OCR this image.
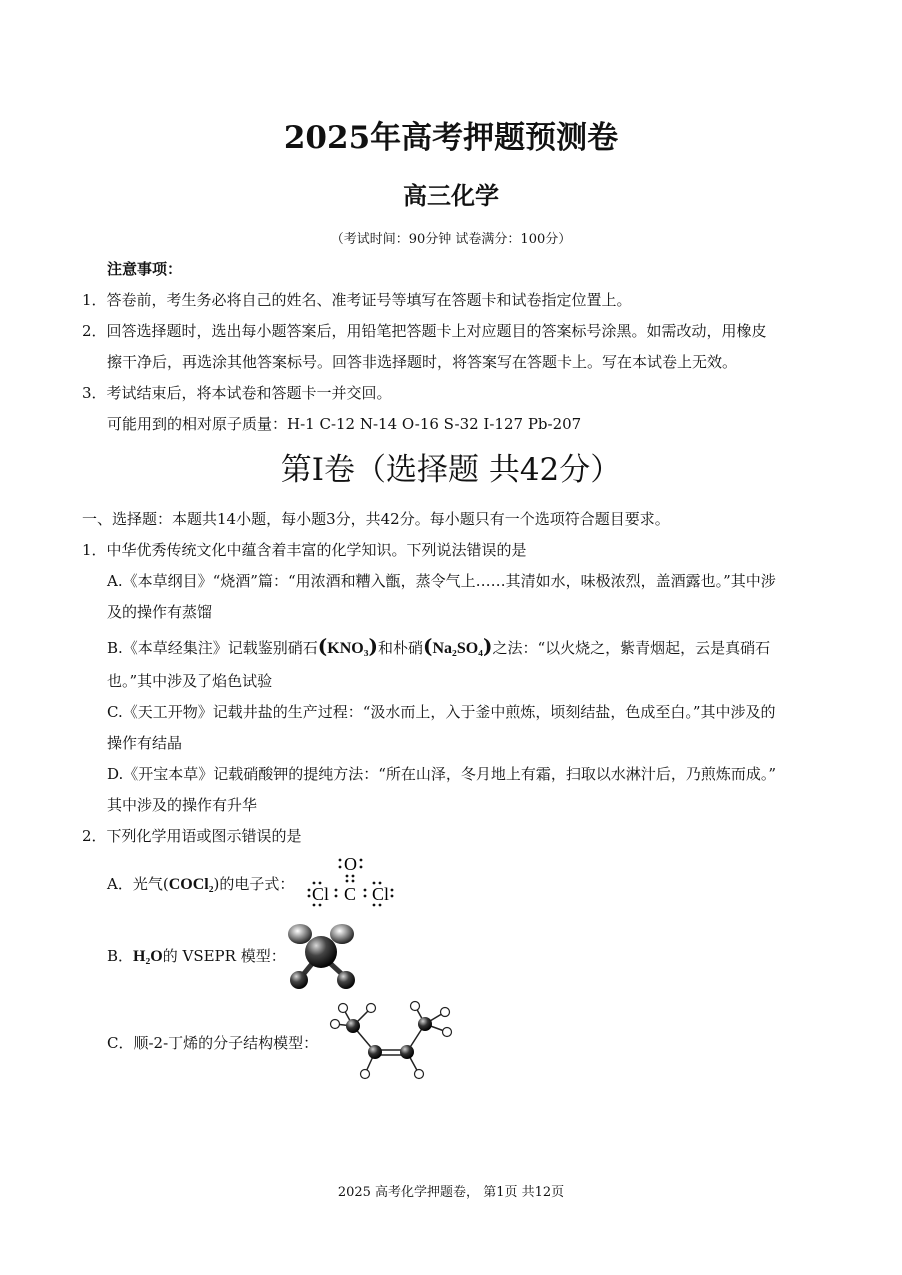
2025年高考押题预测卷
高三化学
（考试时间：90分钟 试卷满分：100分）
注意事项：
1．答卷前，考生务必将自己的姓名、准考证号等填写在答题卡和试卷指定位置上。
2．回答选择题时，选出每小题答案后，用铅笔把答题卡上对应题目的答案标号涂黑。如需改动，用橡皮
擦干净后，再选涂其他答案标号。回答非选择题时，将答案写在答题卡上。写在本试卷上无效。
3．考试结束后，将本试卷和答题卡一并交回。
可能用到的相对原子质量：H-1 C-12 N-14 O-16 S-32 I-127 Pb-207
第I卷（选择题 共42分）
一、选择题：本题共14小题，每小题3分，共42分。每小题只有一个选项符合题目要求。
1．中华优秀传统文化中蕴含着丰富的化学知识。下列说法错误的是
A.《本草纲目》“烧酒”篇：“用浓酒和糟入甑，蒸令气上……其清如水，味极浓烈，盖酒露也。”其中涉
及的操作有蒸馏
B.《本草经集注》记载鉴别硝石(KNO₃)和朴硝(Na₂SO₄)之法：“以火烧之，紫青烟起，云是真硝石
也。”其中涉及了焰色试验
C.《天工开物》记载井盐的生产过程：“汲水而上，入于釜中煎炼，顷刻结盐，色成至白。”其中涉及的
操作有结晶
D.《开宝本草》记载硝酸钾的提纯方法：“所在山泽，冬月地上有霜，扫取以水淋汁后，乃煎炼而成。”
其中涉及的操作有升华
2．下列化学用语或图示错误的是
A．光气(COCl₂)的电子式：
O
C
Cl Cl
B．H₂O的 VSEPR 模型：
C．顺-2-丁烯的分子结构模型：
2025 高考化学押题卷， 第1页 共12页
